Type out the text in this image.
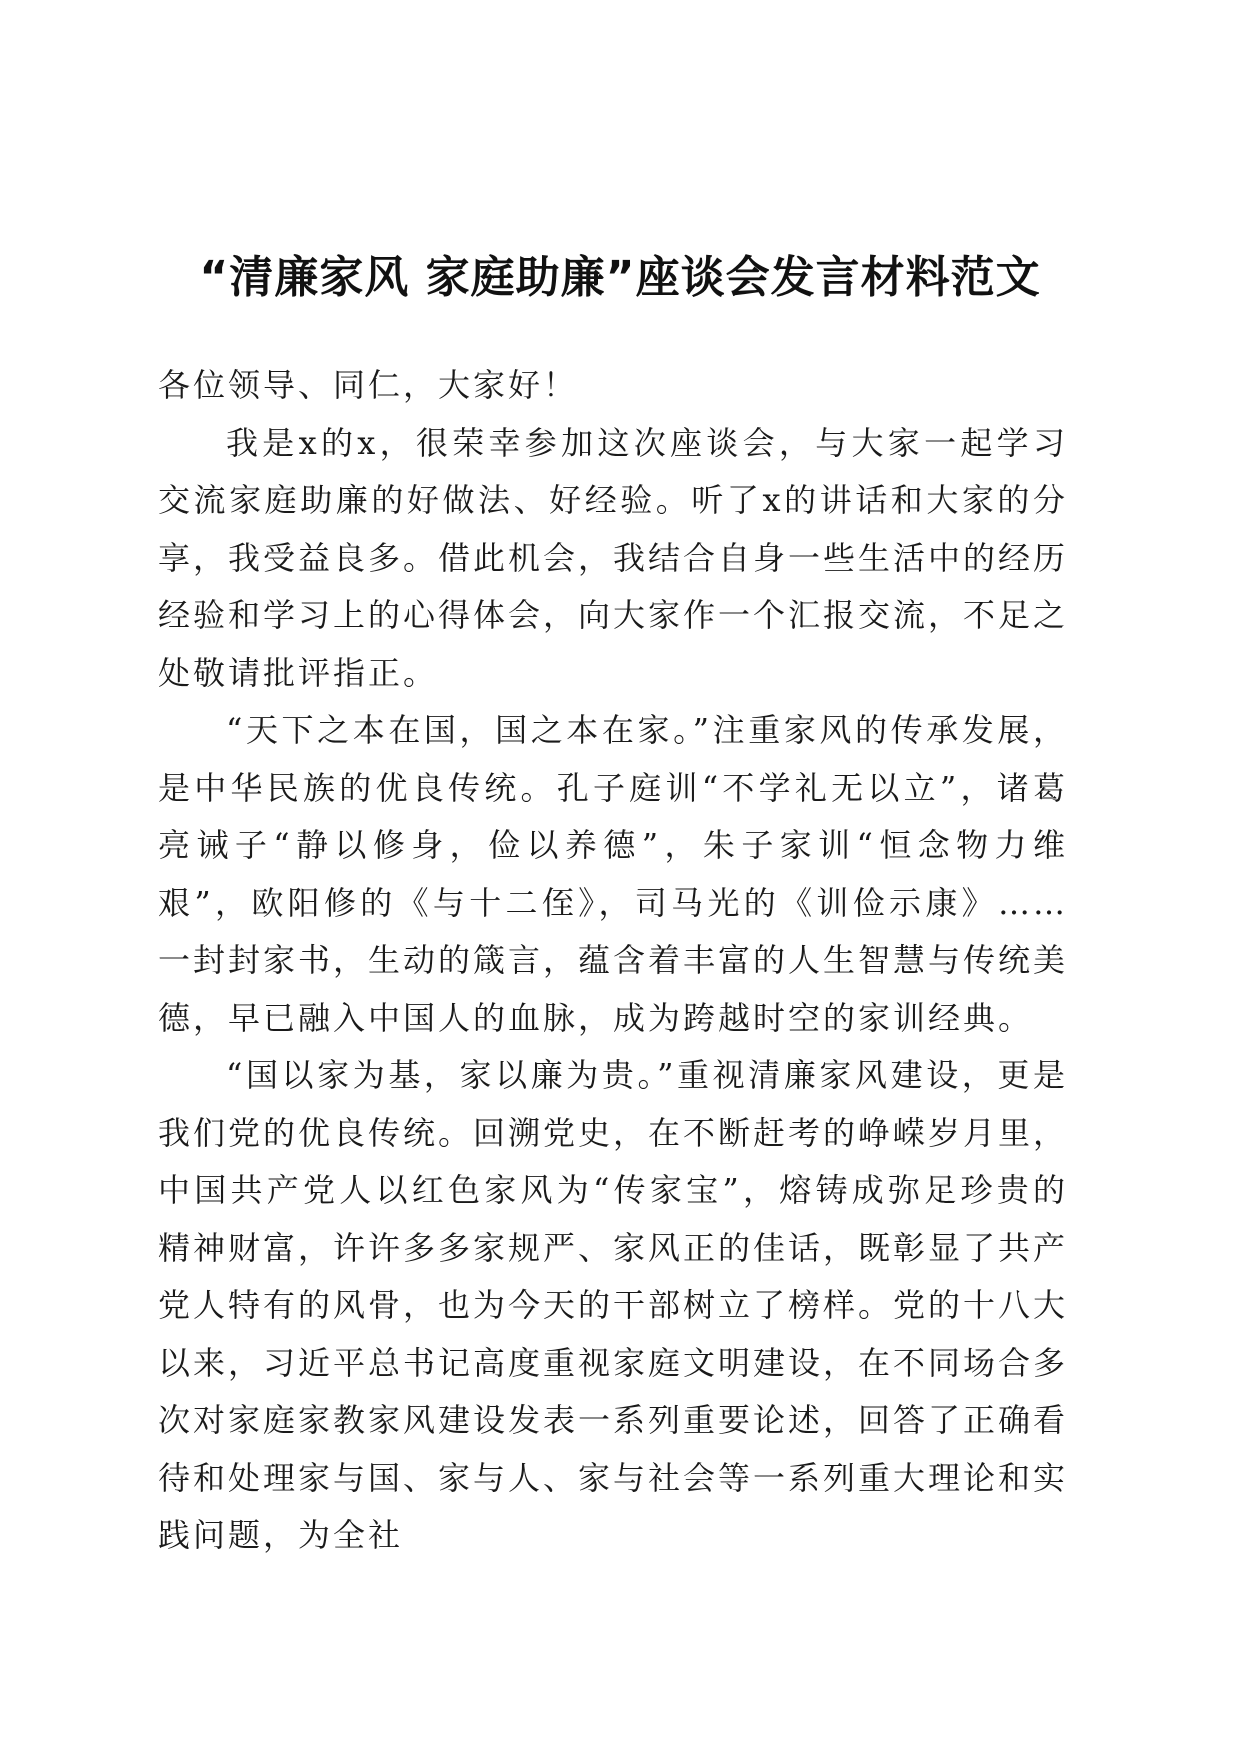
“清廉家风 家庭助廉”座谈会发言材料范文

各位领导、同仁，大家好！

我是x的x，很荣幸参加这次座谈会，与大家一起学习交流家庭助廉的好做法、好经验。听了x的讲话和大家的分享，我受益良多。借此机会，我结合自身一些生活中的经历经验和学习上的心得体会，向大家作一个汇报交流，不足之处敬请批评指正。

“天下之本在国，国之本在家。”注重家风的传承发展，是中华民族的优良传统。孔子庭训“不学礼无以立”，诸葛亮诫子“静以修身，俭以养德”，朱子家训“恒念物力维艰”，欧阳修的《与十二侄》，司马光的《训俭示康》……一封封家书，生动的箴言，蕴含着丰富的人生智慧与传统美德，早已融入中国人的血脉，成为跨越时空的家训经典。

“国以家为基，家以廉为贵。”重视清廉家风建设，更是我们党的优良传统。回溯党史，在不断赶考的峥嵘岁月里，中国共产党人以红色家风为“传家宝”，熔铸成弥足珍贵的精神财富，许许多多家规严、家风正的佳话，既彰显了共产党人特有的风骨，也为今天的干部树立了榜样。党的十八大以来，习近平总书记高度重视家庭文明建设，在不同场合多次对家庭家教家风建设发表一系列重要论述，回答了正确看待和处理家与国、家与人、家与社会等一系列重大理论和实践问题，为全社
